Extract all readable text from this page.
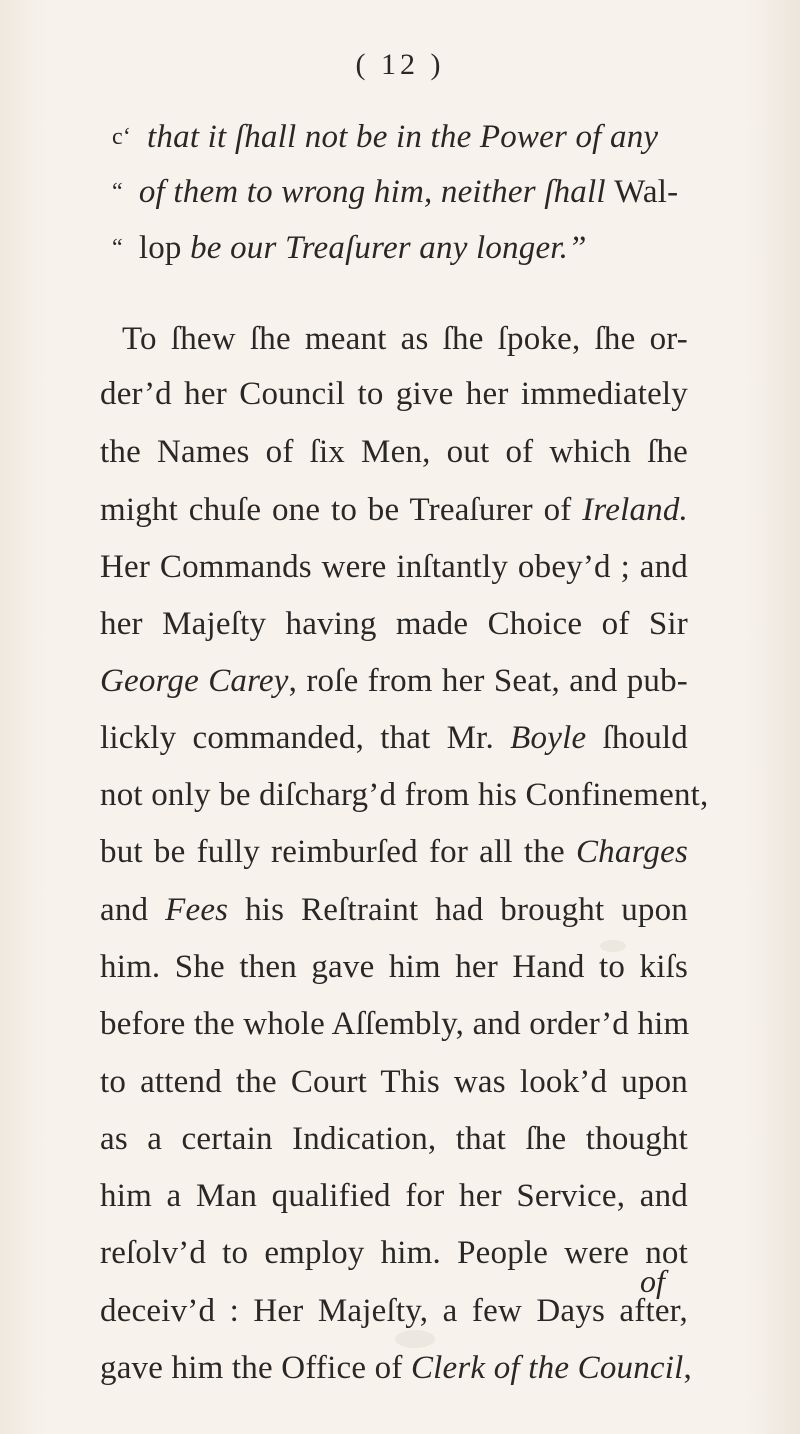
( 12 )
c‘ that it ſhall not be in the Power of any
“ of them to wrong him, neither ſhall Wal-
“ lop be our Treaſurer any longer.”
To ſhew ſhe meant as ſhe ſpoke, ſhe or-
der’d her Council to give her immediately
the Names of ſix Men, out of which ſhe
might chuſe one to be Treaſurer of Ireland.
Her Commands were inſtantly obey’d ; and
her Majeſty having made Choice of Sir
George Carey, roſe from her Seat, and pub-
lickly commanded, that Mr. Boyle ſhould
not only be diſcharg’d from his Confinement,
but be fully reimburſed for all the Charges
and Fees his Reſtraint had brought upon
him. She then gave him her Hand to kiſs
before the whole Aſſembly, and order’d him
to attend the Court This was look’d upon
as a certain Indication, that ſhe thought
him a Man qualified for her Service, and
reſolv’d to employ him. People were not
deceiv’d : Her Majeſty, a few Days after,
gave him the Office of Clerk of the Council,
of
